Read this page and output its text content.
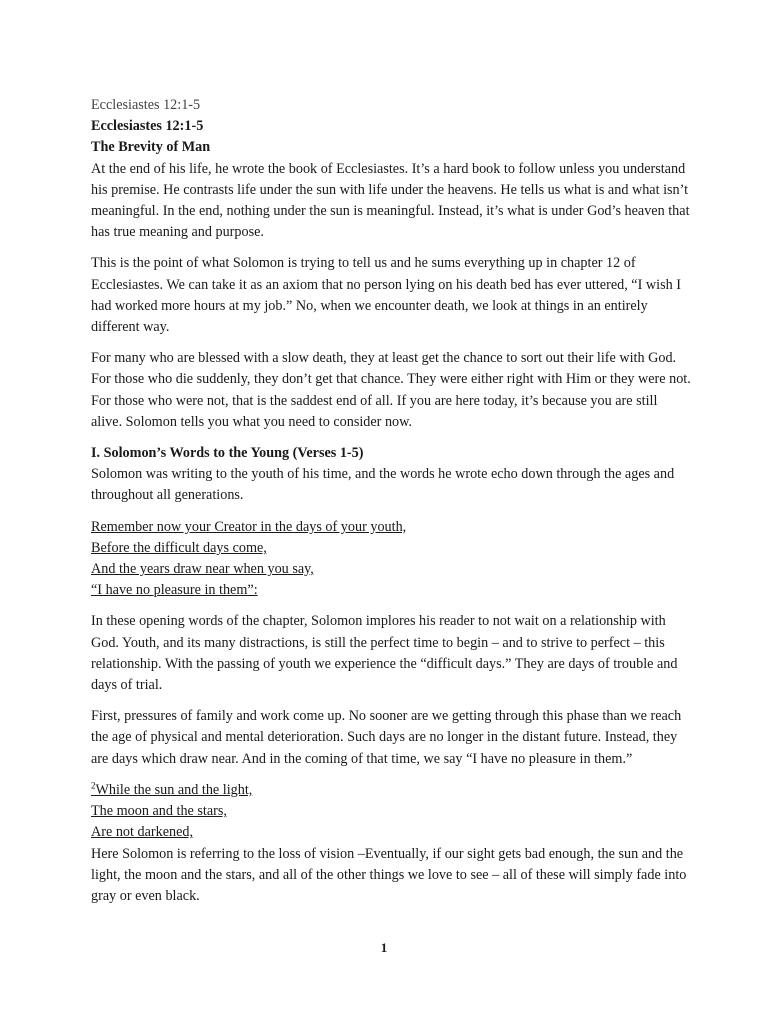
Ecclesiastes 12:1-5
Ecclesiastes 12:1-5
The Brevity of Man

At the end of his life, he wrote the book of Ecclesiastes. It’s a hard book to follow unless you understand his premise. He contrasts life under the sun with life under the heavens. He tells us what is and what isn’t meaningful. In the end, nothing under the sun is meaningful. Instead, it’s what is under God’s heaven that has true meaning and purpose.

This is the point of what Solomon is trying to tell us and he sums everything up in chapter 12 of Ecclesiastes. We can take it as an axiom that no person lying on his death bed has ever uttered, “I wish I had worked more hours at my job.” No, when we encounter death, we look at things in an entirely different way.

For many who are blessed with a slow death, they at least get the chance to sort out their life with God. For those who die suddenly, they don’t get that chance. They were either right with Him or they were not. For those who were not, that is the saddest end of all. If you are here today, it’s because you are still alive. Solomon tells you what you need to consider now.

I. Solomon’s Words to the Young (Verses 1-5)

Solomon was writing to the youth of his time, and the words he wrote echo down through the ages and throughout all generations.

Remember now your Creator in the days of your youth,
Before the difficult days come,
And the years draw near when you say,
“I have no pleasure in them”:

In these opening words of the chapter, Solomon implores his reader to not wait on a relationship with God. Youth, and its many distractions, is still the perfect time to begin – and to strive to perfect – this relationship. With the passing of youth we experience the “difficult days.” They are days of trouble and days of trial.

First, pressures of family and work come up. No sooner are we getting through this phase than we reach the age of physical and mental deterioration. Such days are no longer in the distant future. Instead, they are days which draw near. And in the coming of that time, we say “I have no pleasure in them.”

$^2$While the sun and the light,
The moon and the stars,
Are not darkened,

Here Solomon is referring to the loss of vision –Eventually, if our sight gets bad enough, the sun and the light, the moon and the stars, and all of the other things we love to see – all of these will simply fade into gray or even black.

1
